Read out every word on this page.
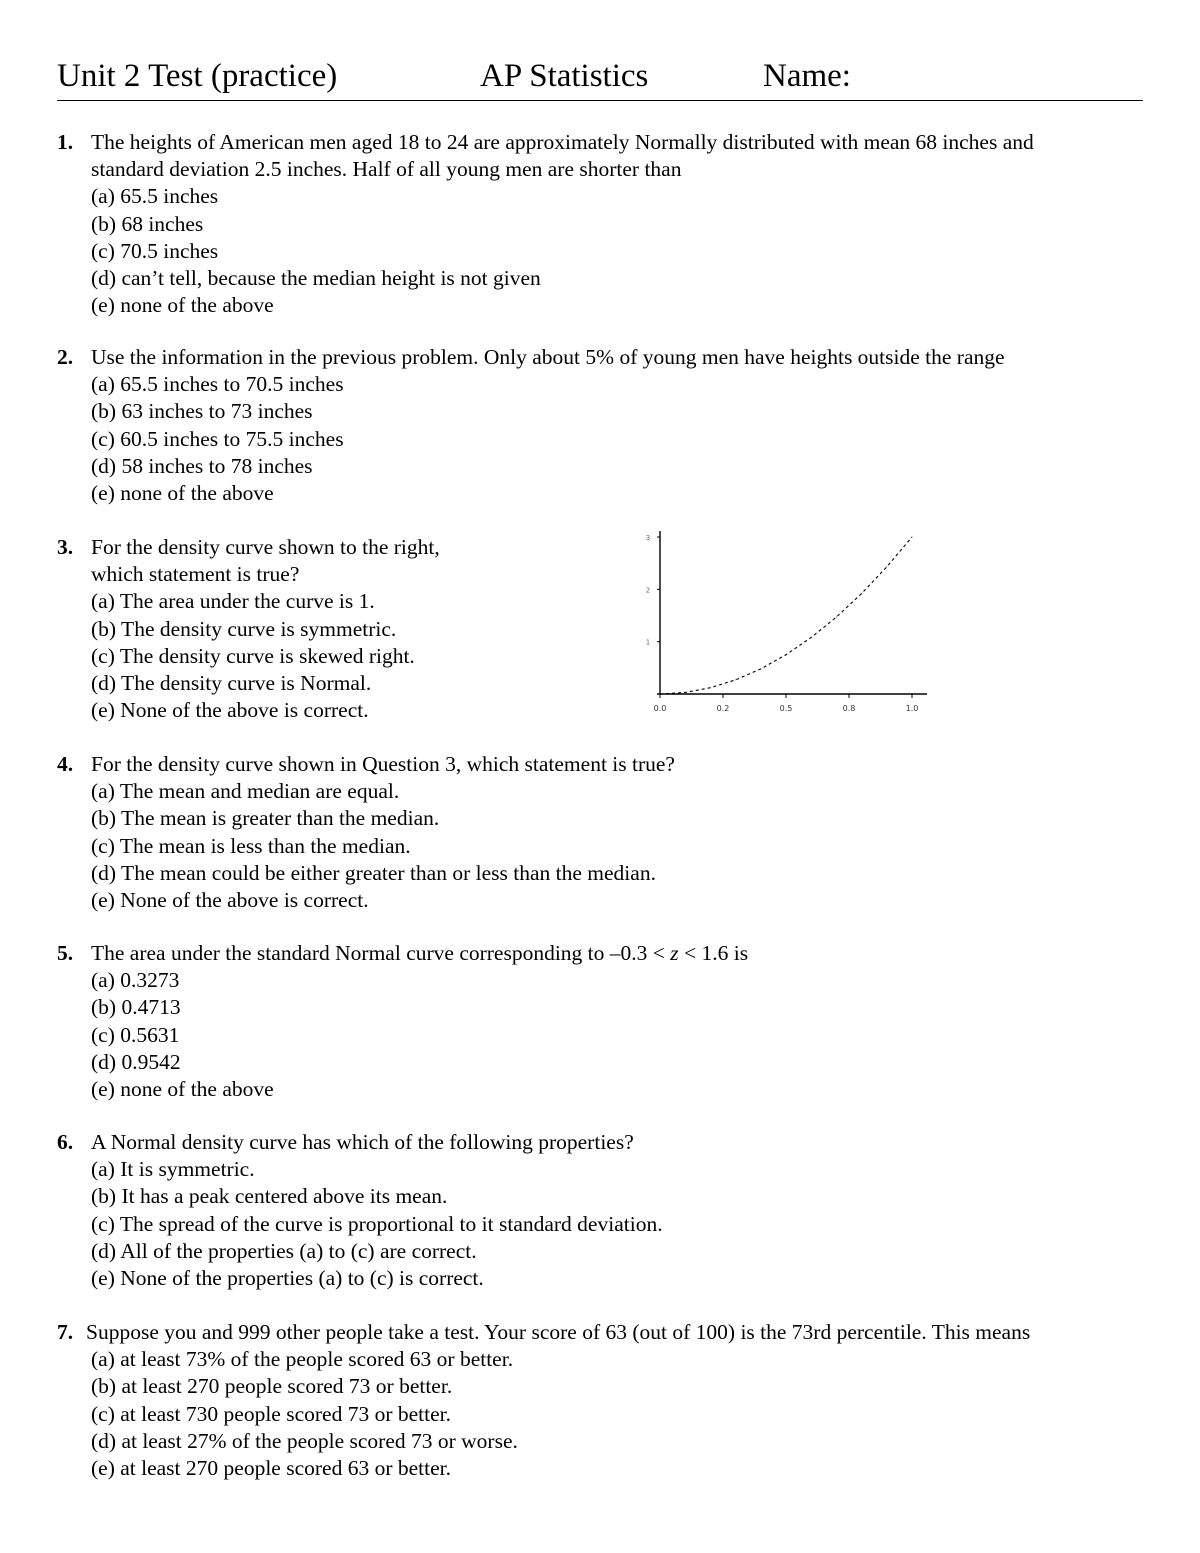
Unit 2 Test (practice)	AP Statistics	Name:
1. The heights of American men aged 18 to 24 are approximately Normally distributed with mean 68 inches and
standard deviation 2.5 inches. Half of all young men are shorter than
(a) 65.5 inches
(b) 68 inches
(c) 70.5 inches
(d) can’t tell, because the median height is not given
(e) none of the above
2. Use the information in the previous problem. Only about 5% of young men have heights outside the range
(a) 65.5 inches to 70.5 inches
(b) 63 inches to 73 inches
(c) 60.5 inches to 75.5 inches
(d) 58 inches to 78 inches
(e) none of the above
3. For the density curve shown to the right,
which statement is true?
(a) The area under the curve is 1.
(b) The density curve is symmetric.
(c) The density curve is skewed right.
(d) The density curve is Normal.
(e) None of the above is correct.	0.0	0.2	0.5	0.8	1.0
1
2
3
4. For the density curve shown in Question 3, which statement is true?
(a) The mean and median are equal.
(b) The mean is greater than the median.
(c) The mean is less than the median.
(d) The mean could be either greater than or less than the median.
(e) None of the above is correct.
5. The area under the standard Normal curve corresponding to –0.3 < z < 1.6 is
(a) 0.3273
(b) 0.4713
(c) 0.5631
(d) 0.9542
(e) none of the above
6. A Normal density curve has which of the following properties?
(a) It is symmetric.
(b) It has a peak centered above its mean.
(c) The spread of the curve is proportional to it standard deviation.
(d) All of the properties (a) to (c) are correct.
(e) None of the properties (a) to (c) is correct.
7. Suppose you and 999 other people take a test. Your score of 63 (out of 100) is the 73rd percentile. This means
(a) at least 73% of the people scored 63 or better.
(b) at least 270 people scored 73 or better.
(c) at least 730 people scored 73 or better.
(d) at least 27% of the people scored 73 or worse.
(e) at least 270 people scored 63 or better.
